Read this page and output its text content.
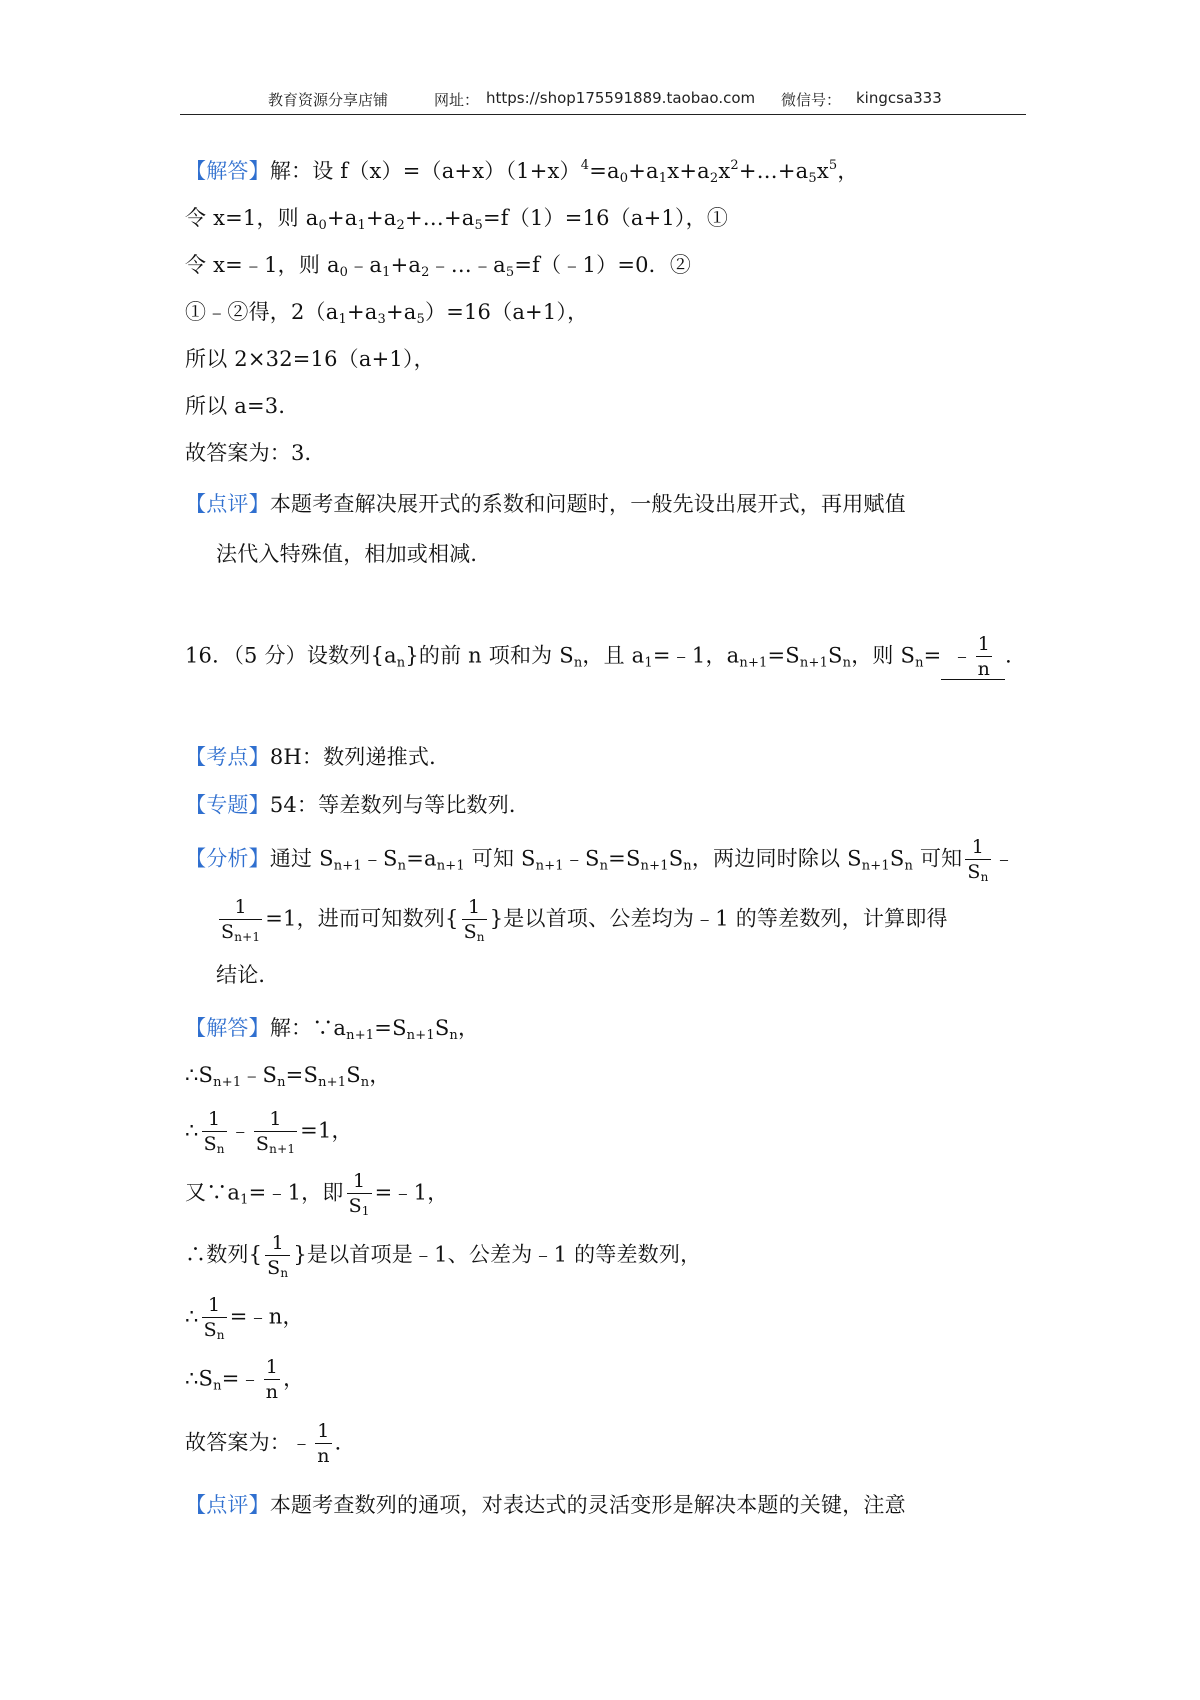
教育资源分享店铺	网址： https://shop175591889.taobao.com 微信号： kingcsa333
【解答】解：设 $f(x)=(a+x)(1+x)^4=a_0+a_1x+a_2x^2+\dots+a_5x^5$，
令 x=1，则 $a_0+a_1+a_2+\dots+a_5=f(1)=16(a+1)$，①
令 x=﹣1，则 $a_0﹣a_1+a_2﹣\dots﹣a_5=f(﹣1)=0$．②
①﹣②得，$2(a_1+a_3+a_5)=16(a+1)$，
所以 2×32=16（a+1），
所以 a=3．
故答案为：3．
【点评】本题考查解决展开式的系数和问题时，一般先设出展开式，再用赋值
法代入特殊值，相加或相减．
16．（5 分）设数列$\{a_n\}$的前 n 项和为 $S_n$，且 $a_1=﹣1$，$a_{n+1}=S_{n+1}S_n$，则 $S_n=$ ﹣ $\frac{1}{n}$ ．
【考点】8H：数列递推式．
【专题】54：等差数列与等比数列．
【分析】通过 $S_{n+1}﹣S_n=a_{n+1}$ 可知 $S_{n+1}﹣S_n=S_{n+1}S_n$，两边同时除以 $S_{n+1}S_n$ 可知 $\frac{1}{S_n}$ ﹣
$\frac{1}{S_{n+1}} =1$，进而可知数列{ $\frac{1}{S_n}$ }是以首项、公差均为﹣1 的等差数列，计算即得
结论．
【解答】解：$\because a_{n+1}=S_{n+1}S_n$，
$\therefore S_{n+1}﹣S_n=S_{n+1}S_n$，
∴ $\frac{1}{S_n}$ ﹣ $\frac{1}{S_{n+1}} =1$，
又$\because a_1=﹣1$，即 $\frac{1}{S_1}$ =﹣1，
∴数列{ $\frac{1}{S_n}$ }是以首项是﹣1、公差为﹣1 的等差数列，
∴ $\frac{1}{S_n}$ =﹣n，
$\therefore S_n=﹣ \frac{1}{n}$ ，
故答案为：﹣ $\frac{1}{n}$ ．
【点评】本题考查数列的通项，对表达式的灵活变形是解决本题的关键，注意
